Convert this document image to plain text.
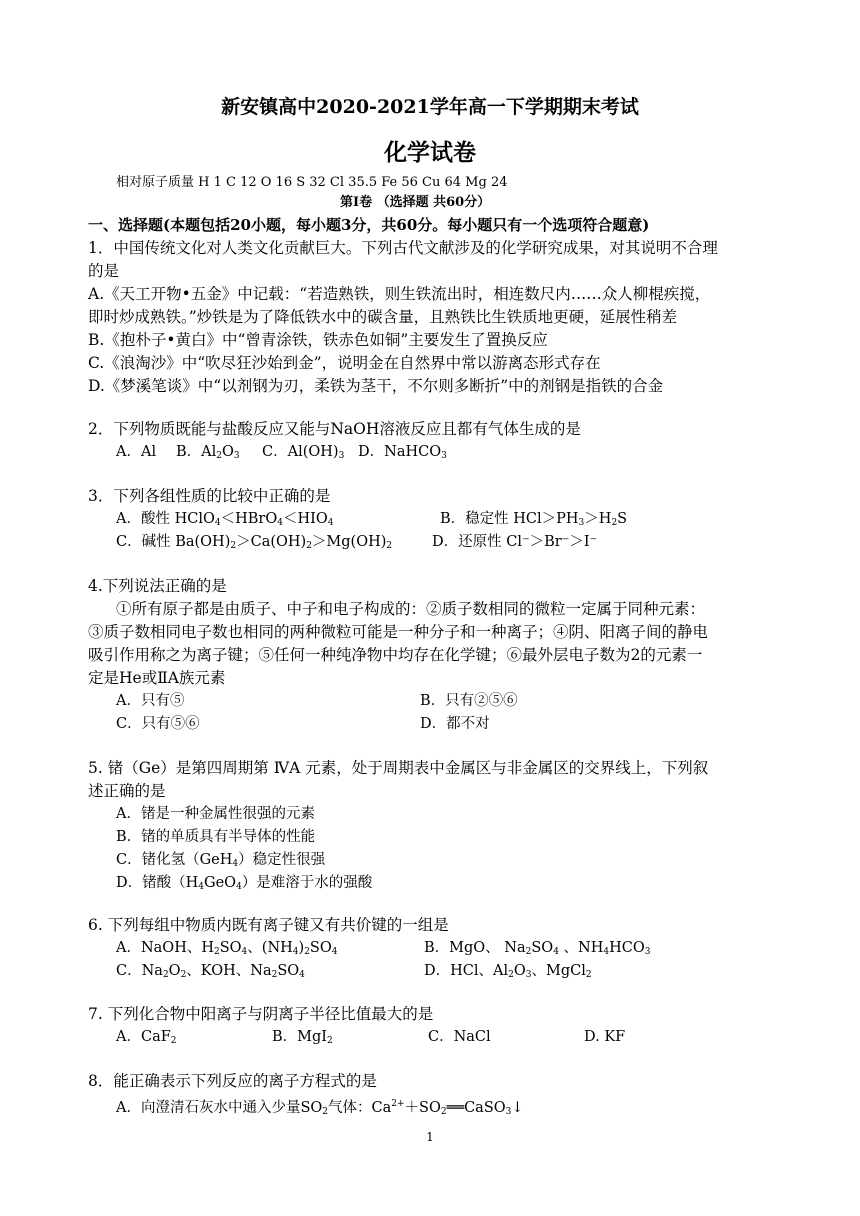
新安镇高中2020-2021学年高一下学期期末考试
化学试卷
相对原子质量 H 1 C 12 O 16 S 32 Cl 35.5 Fe 56 Cu 64 Mg 24
第Ⅰ卷 （选择题 共60分）
一、选择题(本题包括20小题，每小题3分，共60分。每小题只有一个选项符合题意)
1．中国传统文化对人类文化贡献巨大。下列古代文献涉及的化学研究成果，对其说明不合理
的是
A.《天工开物•五金》中记载：“若造熟铁，则生铁流出时，相连数尺内……众人柳棍疾搅，
即时炒成熟铁。”炒铁是为了降低铁水中的碳含量，且熟铁比生铁质地更硬，延展性稍差
B.《抱朴子•黄白》中“曾青涂铁，铁赤色如铜”主要发生了置换反应
C.《浪淘沙》中“吹尽狂沙始到金”，说明金在自然界中常以游离态形式存在
D.《梦溪笔谈》中“以剂钢为刃，柔铁为茎干，不尔则多断折”中的剂钢是指铁的合金
2．下列物质既能与盐酸反应又能与NaOH溶液反应且都有气体生成的是
A．Al B．$Al_2O_3$ C．$Al(OH)_3$ D．NaHCO$_3$
3．下列各组性质的比较中正确的是
A．酸性 $HClO_4<HBrO_4<HIO_4$	B．稳定性 $HCl>PH_3>H_2S$
C．碱性 $Ba(OH)_2>Ca(OH)_2>Mg(OH)_2$	D．还原性 Cl⁻＞Br⁻＞I⁻
4.下列说法正确的是
①所有原子都是由质子、中子和电子构成的：②质子数相同的微粒一定属于同种元素：
③质子数相同电子数也相同的两种微粒可能是一种分子和一种离子；④阴、阳离子间的静电
吸引作用称之为离子键；⑤任何一种纯净物中均存在化学键；⑥最外层电子数为2的元素一
定是He或ⅡA族元素
A．只有⑤	B．只有②⑤⑥
C．只有⑤⑥	D．都不对
5. 锗（Ge）是第四周期第 ⅣA 元素，处于周期表中金属区与非金属区的交界线上，下列叙
述正确的是
A．锗是一种金属性很强的元素
B．锗的单质具有半导体的性能
C．锗化氢（GeH$_4$）稳定性很强
D．锗酸$(H_4GeO_4)$是难溶于水的强酸
6. 下列每组中物质内既有离子键又有共价键的一组是
A．NaOH、$H_2SO_4$、$(NH_4)_2SO_4$	B．MgO、 $Na_2SO_4$ 、$NH_4HCO_3$
C．$Na_2O_2$、KOH、$Na_2SO_4$	D．HCl、$Al_2O_3$、MgCl$_2$
7. 下列化合物中阳离子与阴离子半径比值最大的是
A．CaF$_2$	B．MgI$_2$	C．NaCl	D. KF
8．能正确表示下列反应的离子方程式的是
A．向澄清石灰水中通入少量$SO_2$气体：$Ca^{2+}+SO_2══CaSO_3↓$
1
